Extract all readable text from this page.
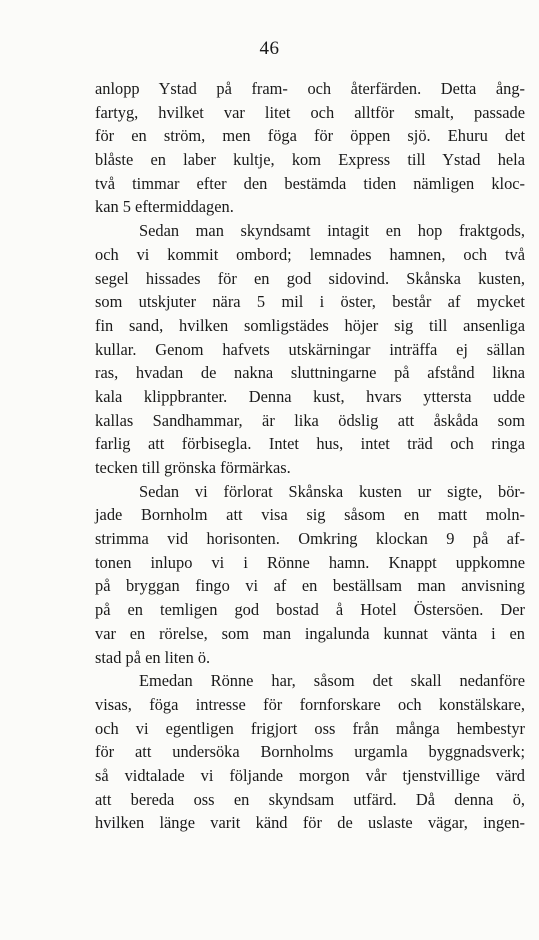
46
anlopp Ystad på fram- och återfärden. Detta ång-
fartyg, hvilket var litet och alltför smalt, passade
för en ström, men föga för öppen sjö. Ehuru det
blåste en laber kultje, kom Express till Ystad hela
två timmar efter den bestämda tiden nämligen kloc-
kan 5 eftermiddagen.
Sedan man skyndsamt intagit en hop fraktgods,
och vi kommit ombord; lemnades hamnen, och två
segel hissades för en god sidovind. Skånska kusten,
som utskjuter nära 5 mil i öster, består af mycket
fin sand, hvilken somligstädes höjer sig till ansenliga
kullar. Genom hafvets utskärningar inträffa ej sällan
ras, hvadan de nakna sluttningarne på afstånd likna
kala klippbranter. Denna kust, hvars yttersta udde
kallas Sandhammar, är lika ödslig att åskåda som
farlig att förbisegla. Intet hus, intet träd och ringa
tecken till grönska förmärkas.
Sedan vi förlorat Skånska kusten ur sigte, bör-
jade Bornholm att visa sig såsom en matt moln-
strimma vid horisonten. Omkring klockan 9 på af-
tonen inlupo vi i Rönne hamn. Knappt uppkomne
på bryggan fingo vi af en beställsam man anvisning
på en temligen god bostad å Hotel Östersöen. Der
var en rörelse, som man ingalunda kunnat vänta i en
stad på en liten ö.
Emedan Rönne har, såsom det skall nedanföre
visas, föga intresse för fornforskare och konstälskare,
och vi egentligen frigjort oss från många hembestyr
för att undersöka Bornholms urgamla byggnadsverk;
så vidtalade vi följande morgon vår tjenstvillige värd
att bereda oss en skyndsam utfärd. Då denna ö,
hvilken länge varit känd för de uslaste vägar, ingen-
